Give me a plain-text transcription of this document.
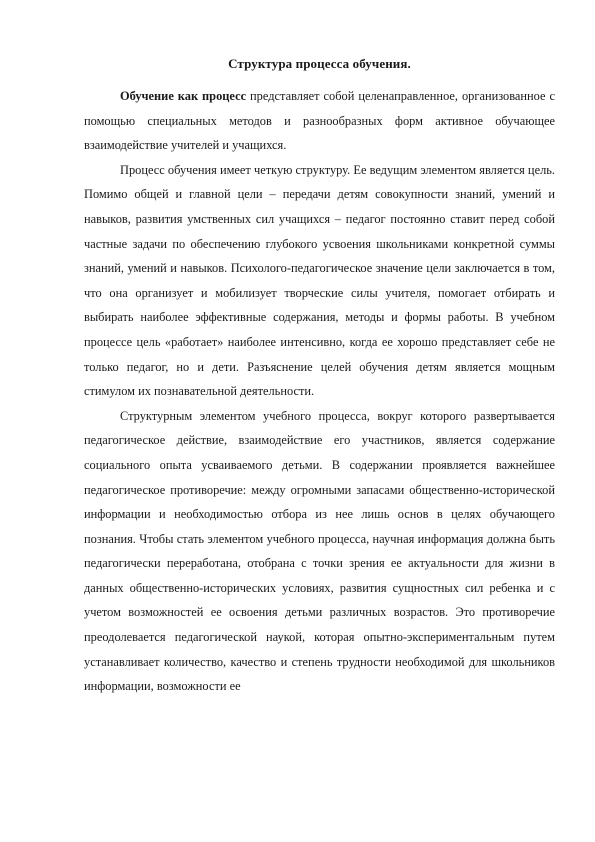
Структура процесса обучения.

Обучение как процесс представляет собой целенаправленное, организованное с помощью специальных методов и разнообразных форм активное обучающее взаимодействие учителей и учащихся.

Процесс обучения имеет четкую структуру. Ее ведущим элементом является цель. Помимо общей и главной цели – передачи детям совокупности знаний, умений и навыков, развития умственных сил учащихся – педагог постоянно ставит перед собой частные задачи по обеспечению глубокого усвоения школьниками конкретной суммы знаний, умений и навыков. Психолого-педагогическое значение цели заключается в том, что она организует и мобилизует творческие силы учителя, помогает отбирать и выбирать наиболее эффективные содержания, методы и формы работы. В учебном процессе цель «работает» наиболее интенсивно, когда ее хорошо представляет себе не только педагог, но и дети. Разъяснение целей обучения детям является мощным стимулом их познавательной деятельности.

Структурным элементом учебного процесса, вокруг которого развертывается педагогическое действие, взаимодействие его участников, является содержание социального опыта усваиваемого детьми. В содержании проявляется важнейшее педагогическое противоречие: между огромными запасами общественно-исторической информации и необходимостью отбора из нее лишь основ в целях обучающего познания. Чтобы стать элементом учебного процесса, научная информация должна быть педагогически переработана, отобрана с точки зрения ее актуальности для жизни в данных общественно-исторических условиях, развития сущностных сил ребенка и с учетом возможностей ее освоения детьми различных возрастов. Это противоречие преодолевается педагогической наукой, которая опытно-экспериментальным путем устанавливает количество, качество и степень трудности необходимой для школьников информации, возможности ее
